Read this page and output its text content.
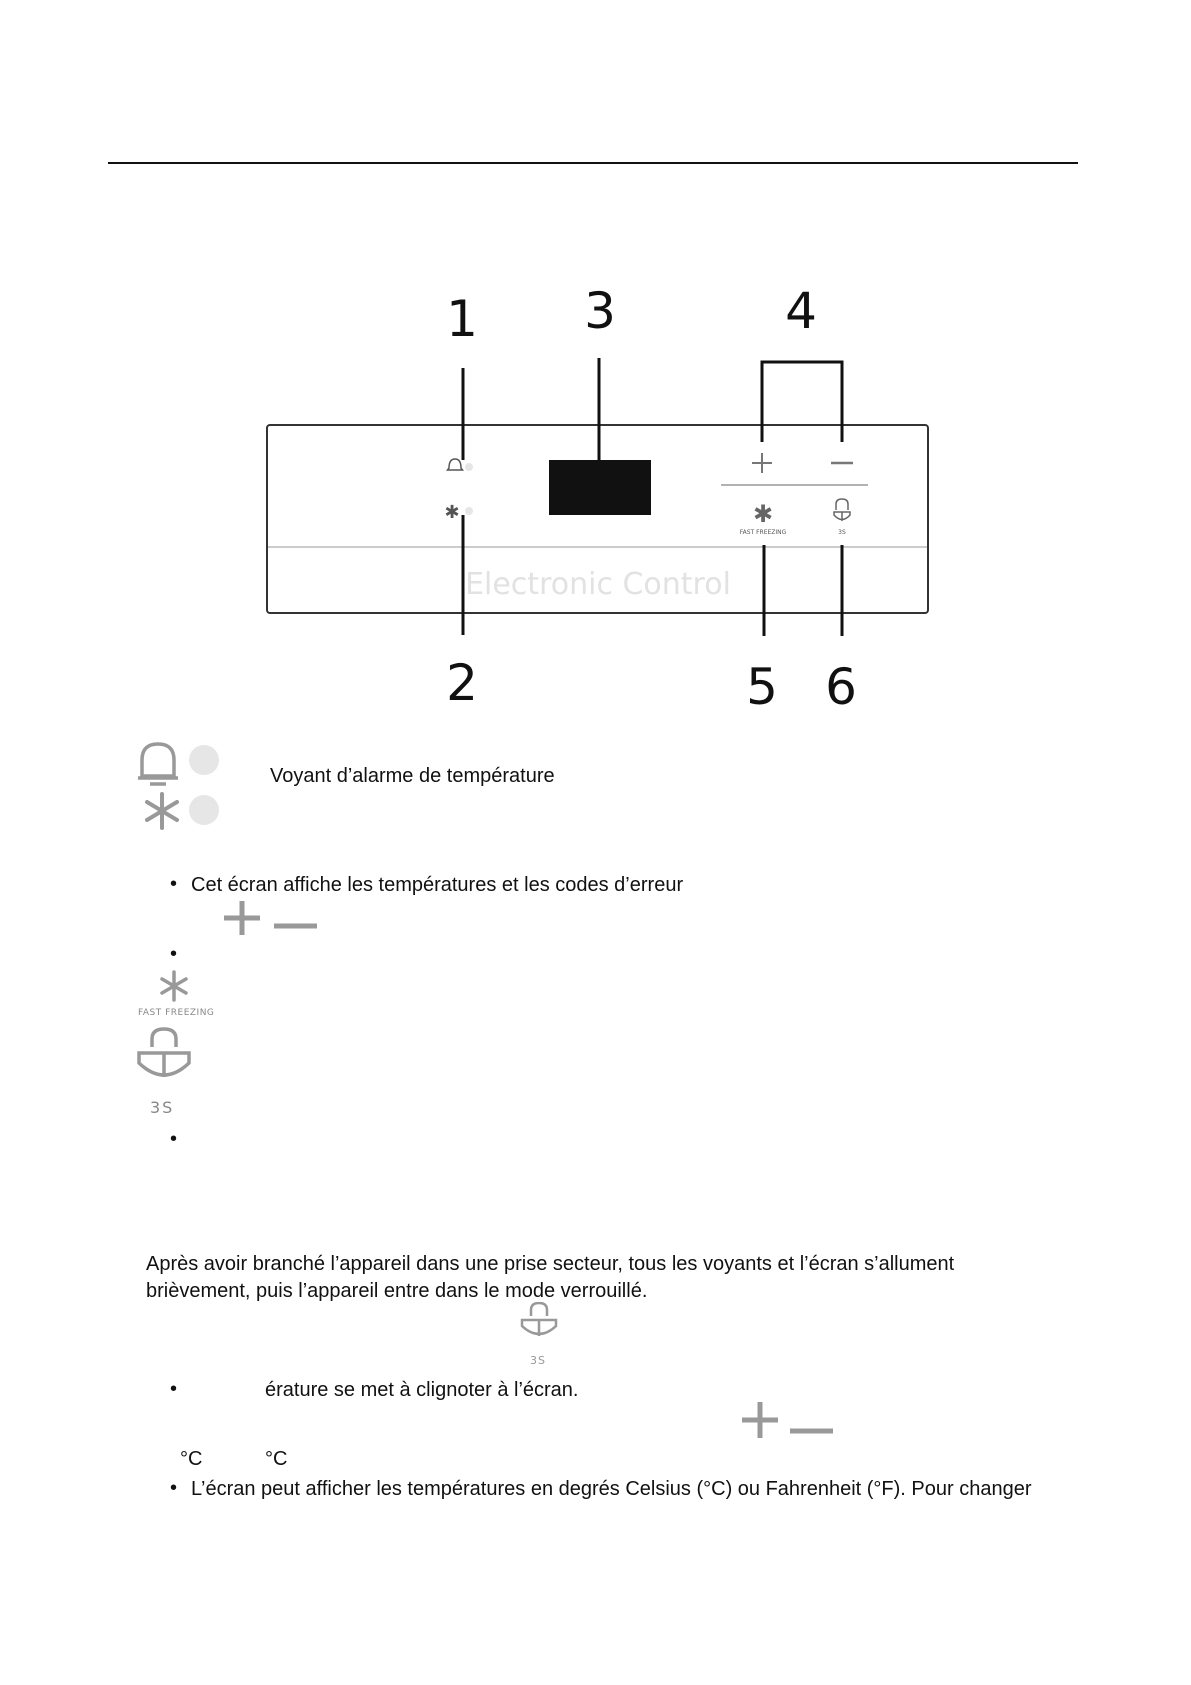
1 3	4
2	5 6
Electronic Control
✱	✱
FAST FREEZING	3S
Voyant d’alarme de température
• Cet écran affiche les températures et les codes d’erreur
•
FAST FREEZING
3S
•
Après avoir branché l’appareil dans une prise secteur, tous les voyants et l’écran s’allument
brièvement, puis l’appareil entre dans le mode verrouillé.
3S
•	érature se met à clignoter à l’écran.
°C	°C
• L’écran peut afficher les températures en degrés Celsius (°C) ou Fahrenheit (°F). Pour changer
